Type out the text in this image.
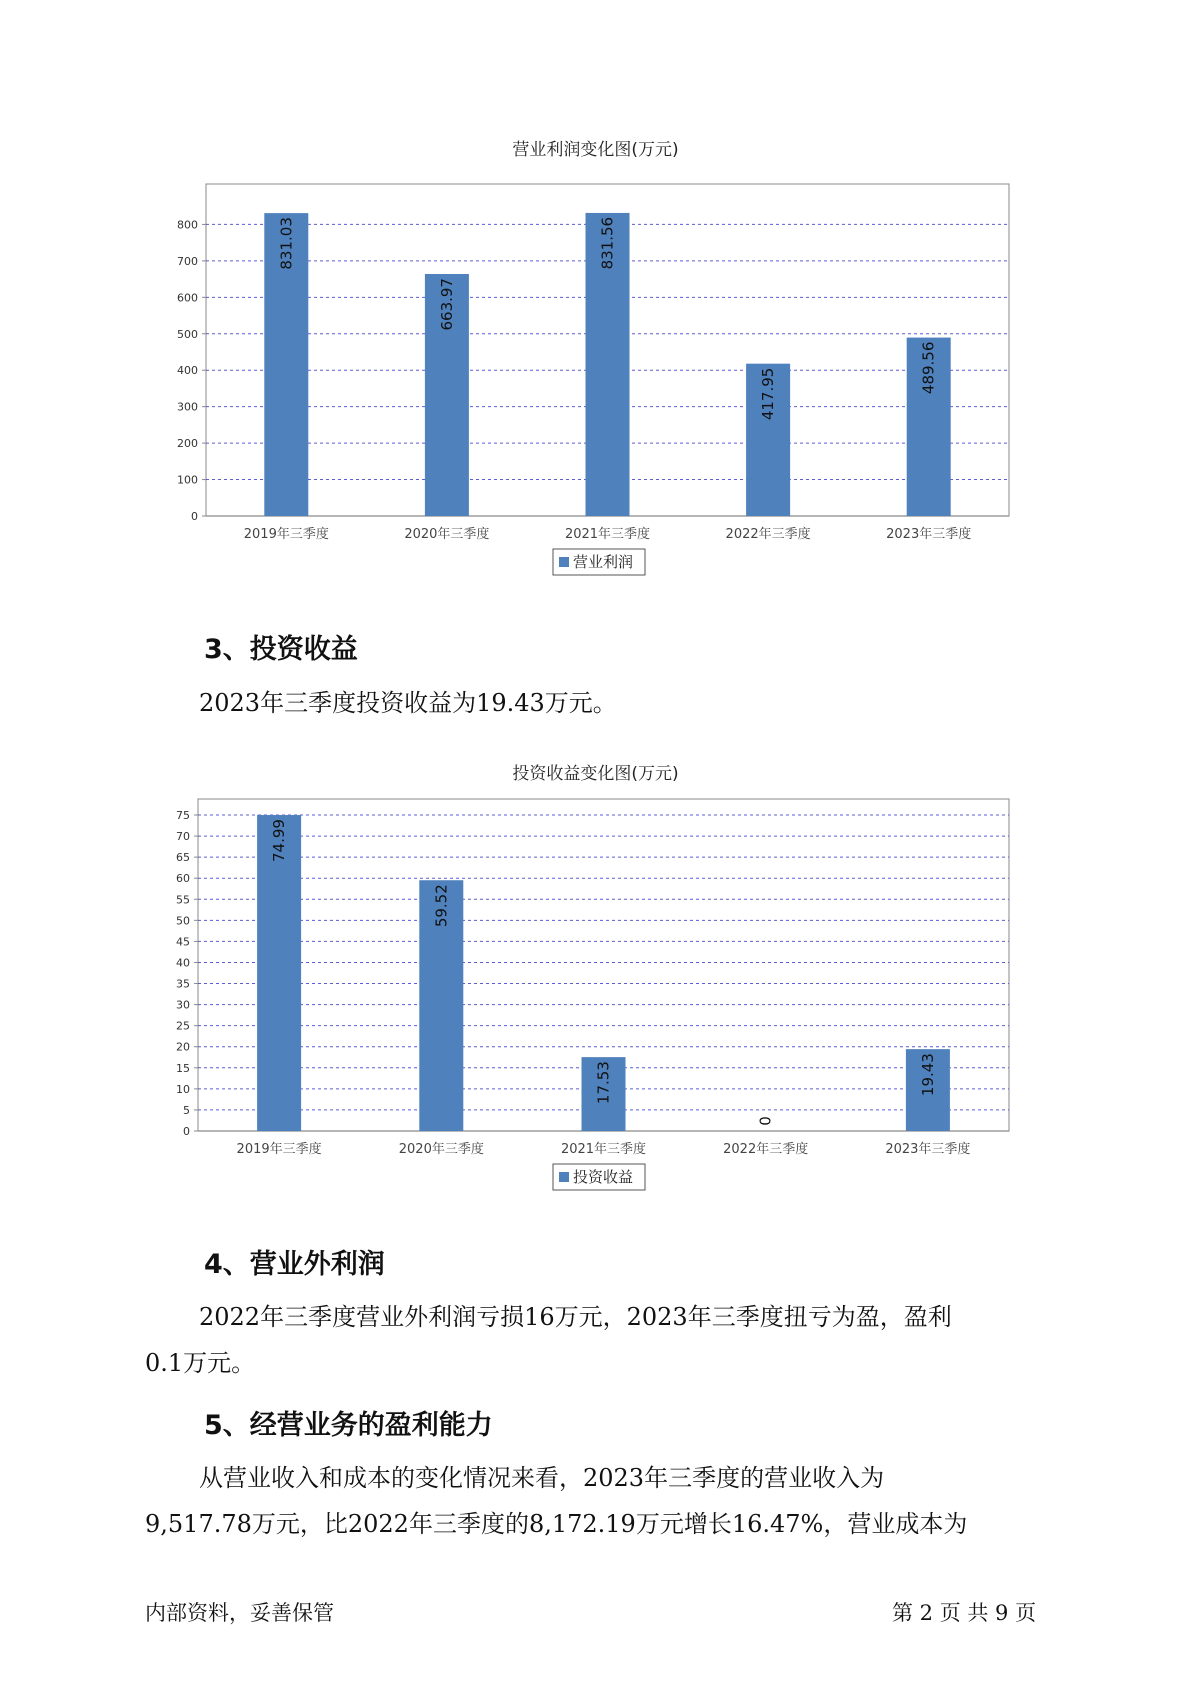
营业利润变化图(万元)
0
100
200
300
400
500
600
700
800	831.03
2019年三季度
663.97
2020年三季度
831.56
2021年三季度
417.95
2022年三季度
489.56
2023年三季度
营业利润
3、投资收益
2023年三季度投资收益为19.43万元。
投资收益变化图(万元)
0
5
10
15
20
25
30
35
40
45
50
55
60
65
70
75
74.99
2019年三季度
59.52
2020年三季度
17.53
2021年三季度
0
2022年三季度
19.43
2023年三季度
投资收益
4、营业外利润
2022年三季度营业外利润亏损16万元，2023年三季度扭亏为盈，盈利
0.1万元。
5、经营业务的盈利能力
从营业收入和成本的变化情况来看，2023年三季度的营业收入为
9,517.78万元，比2022年三季度的8,172.19万元增长16.47%，营业成本为
内部资料，妥善保管	第 2 页 共 9 页
